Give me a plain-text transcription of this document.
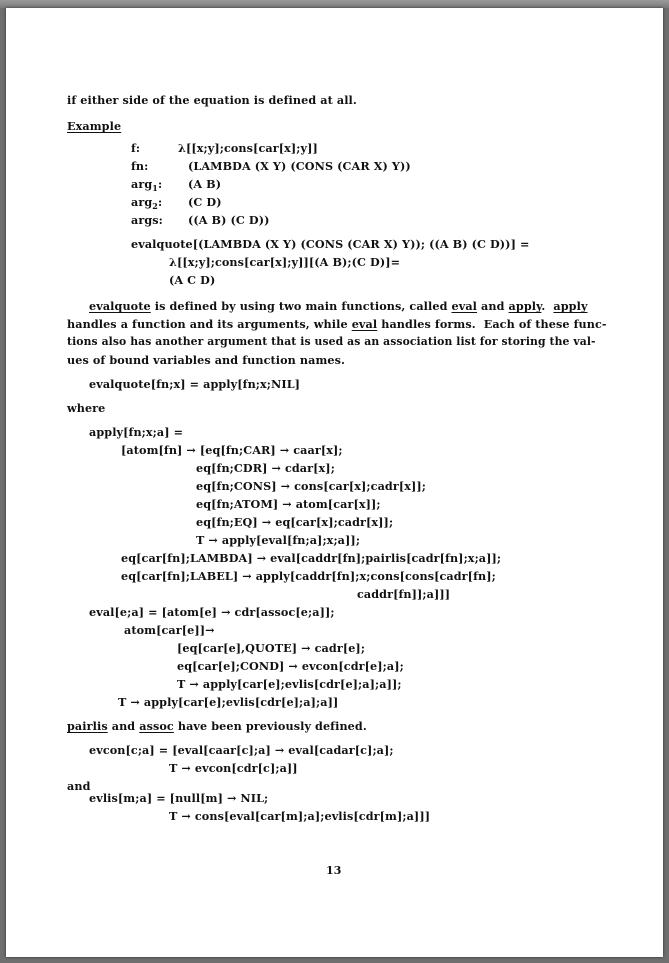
if either side of the equation is defined at all.
Example
f:	λ[[x;y];cons[car[x];y]]
fn:	(LAMBDA (X Y) (CONS (CAR X) Y))
arg$_1$: (A B)
arg$_2$: (C D)
args: ((A B) (C D))
evalquote[(LAMBDA (X Y) (CONS (CAR X) Y)); ((A B) (C D))] =
λ[[x;y];cons[car[x];y]][(A B);(C D)]=
(A C D)
evalquote is defined by using two main functions, called eval and apply.  apply
handles a function and its arguments, while eval handles forms.  Each of these func-
tions also has another argument that is used as an association list for storing the val-
ues of bound variables and function names.
evalquote[fn;x] = apply[fn;x;NIL]
where
apply[fn;x;a] =
[atom[fn] → [eq[fn;CAR] → caar[x];
eq[fn;CDR] → cdar[x];
eq[fn;CONS] → cons[car[x];cadr[x]];
eq[fn;ATOM] → atom[car[x]];
eq[fn;EQ] → eq[car[x];cadr[x]];
T → apply[eval[fn;a];x;a]];
eq[car[fn];LAMBDA] → eval[caddr[fn];pairlis[cadr[fn];x;a]];
eq[car[fn];LABEL] → apply[caddr[fn];x;cons[cons[cadr[fn];
caddr[fn]];a]]]
eval[e;a] = [atom[e] → cdr[assoc[e;a]];
atom[car[e]]→
[eq[car[e],QUOTE] → cadr[e];
eq[car[e];COND] → evcon[cdr[e];a];
T → apply[car[e];evlis[cdr[e];a];a]];
T → apply[car[e];evlis[cdr[e];a];a]]
pairlis and assoc have been previously defined.
evcon[c;a] = [eval[caar[c];a] → eval[cadar[c];a];
T → evcon[cdr[c];a]]
and
evlis[m;a] = [null[m] → NIL;
T → cons[eval[car[m];a];evlis[cdr[m];a]]]
13
